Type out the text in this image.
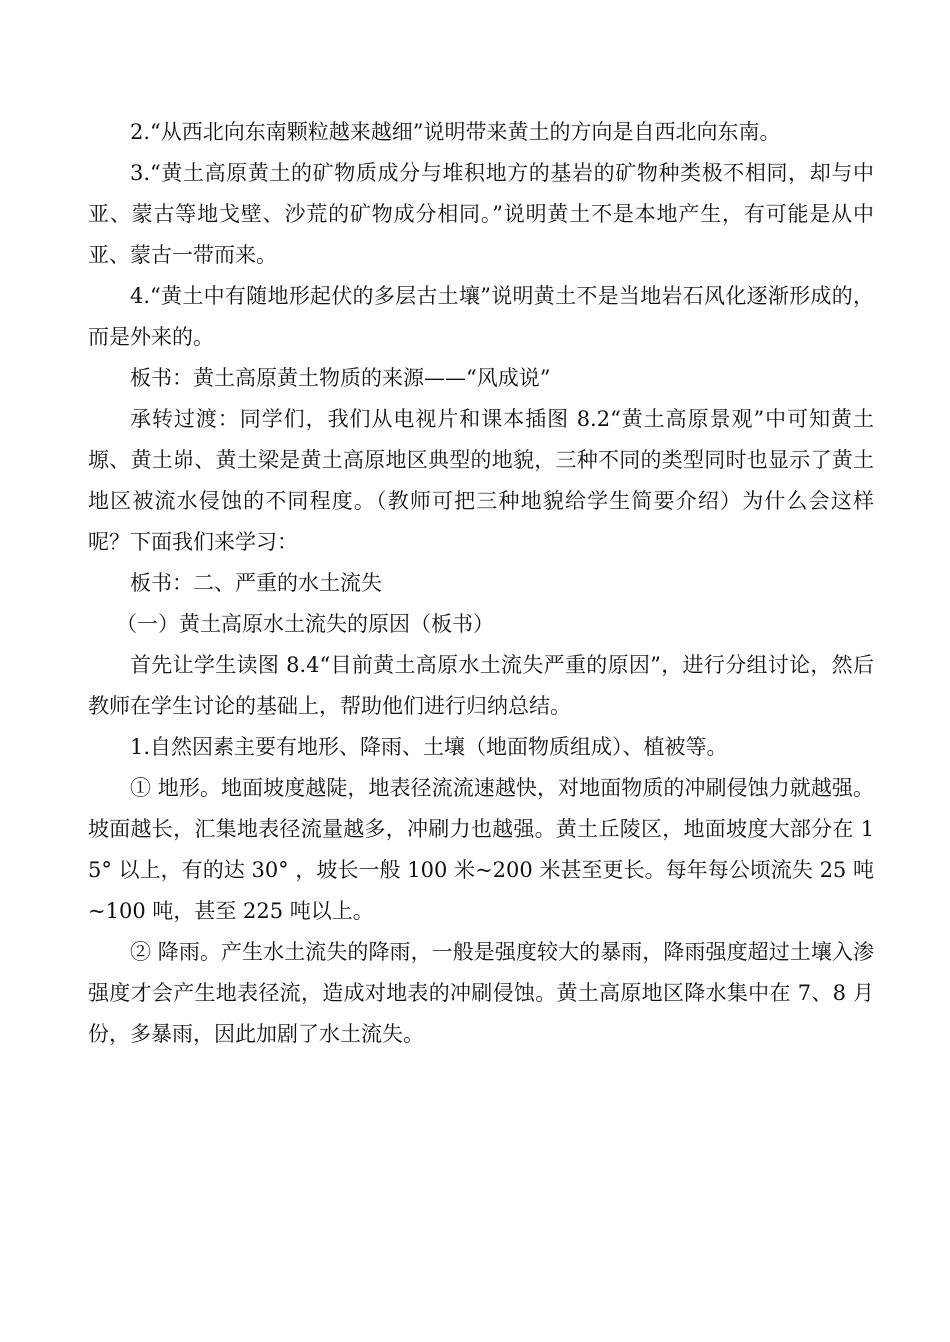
2.“从西北向东南颗粒越来越细”说明带来黄土的方向是自西北向东南。

3.“黄土高原黄土的矿物质成分与堆积地方的基岩的矿物种类极不相同，却与中亚、蒙古等地戈壁、沙荒的矿物成分相同。”说明黄土不是本地产生，有可能是从中亚、蒙古一带而来。

4.“黄土中有随地形起伏的多层古土壤”说明黄土不是当地岩石风化逐渐形成的，而是外来的。

板书：黄土高原黄土物质的来源——“风成说”

承转过渡：同学们，我们从电视片和课本插图 8.2“黄土高原景观”中可知黄土塬、黄土峁、黄土梁是黄土高原地区典型的地貌，三种不同的类型同时也显示了黄土地区被流水侵蚀的不同程度。（教师可把三种地貌给学生简要介绍）为什么会这样呢？下面我们来学习：

板书：二、严重的水土流失

（一）黄土高原水土流失的原因（板书）

首先让学生读图 8.4“目前黄土高原水土流失严重的原因”，进行分组讨论，然后教师在学生讨论的基础上，帮助他们进行归纳总结。

1.自然因素主要有地形、降雨、土壤（地面物质组成）、植被等。

① 地形。地面坡度越陡，地表径流流速越快，对地面物质的冲刷侵蚀力就越强。坡面越长，汇集地表径流量越多，冲刷力也越强。黄土丘陵区，地面坡度大部分在 15° 以上，有的达 30° ，坡长一般 100 米~200 米甚至更长。每年每公顷流失 25 吨~100 吨，甚至 225 吨以上。

② 降雨。产生水土流失的降雨，一般是强度较大的暴雨，降雨强度超过土壤入渗强度才会产生地表径流，造成对地表的冲刷侵蚀。黄土高原地区降水集中在 7、8 月份，多暴雨，因此加剧了水土流失。
